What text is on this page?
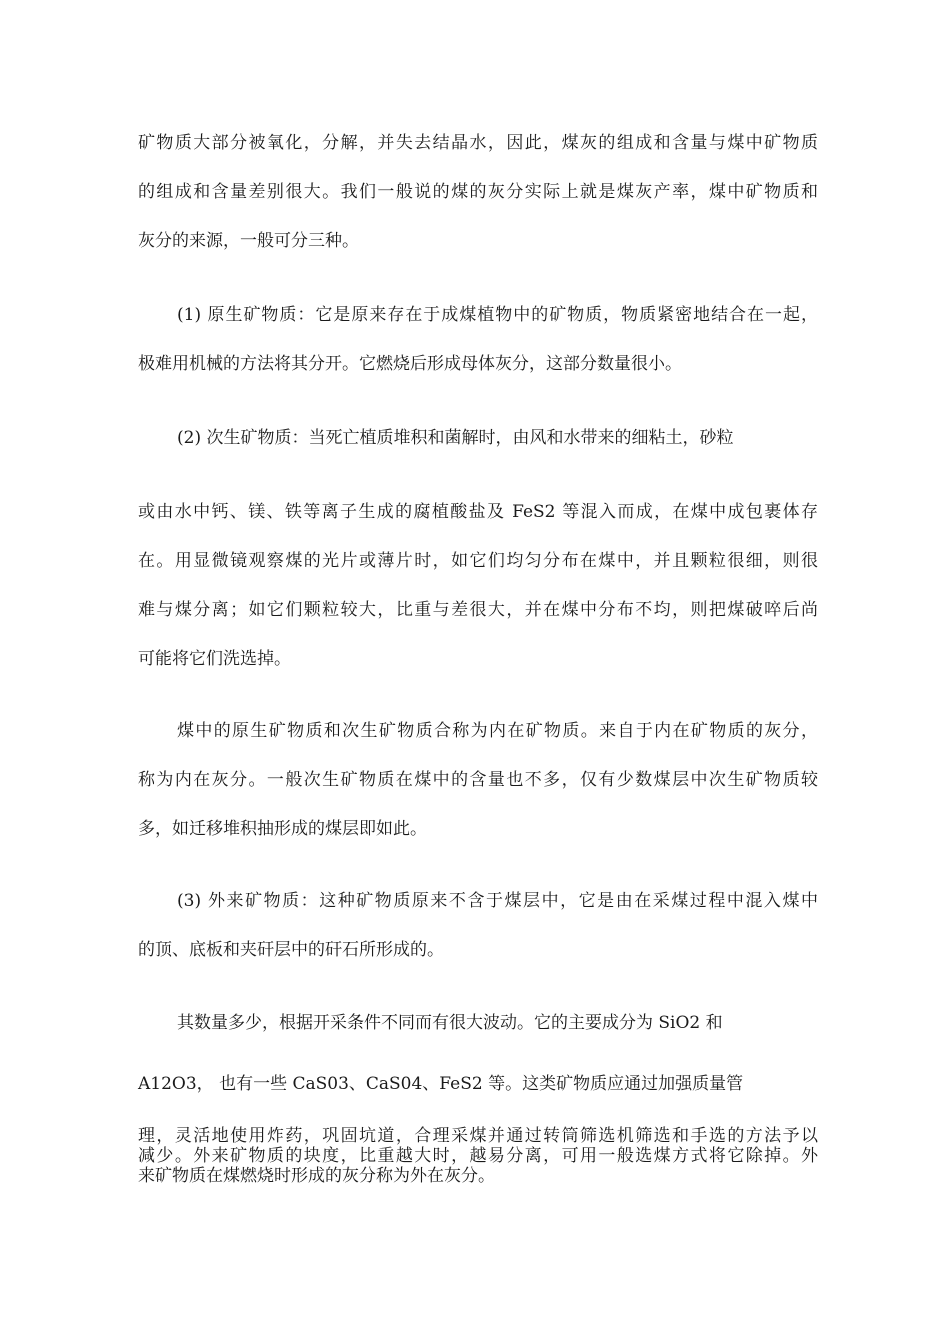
矿物质大部分被氧化，分解，并失去结晶水，因此，煤灰的组成和含量与煤中矿物质
的组成和含量差别很大。我们一般说的煤的灰分实际上就是煤灰产率，煤中矿物质和
灰分的来源，一般可分三种。
(1) 原生矿物质：它是原来存在于成煤植物中的矿物质，物质紧密地结合在一起，
极难用机械的方法将其分开。它燃烧后形成母体灰分，这部分数量很小。
(2) 次生矿物质：当死亡植质堆积和菌解时，由风和水带来的细粘土，砂粒
或由水中钙、镁、铁等离子生成的腐植酸盐及 FeS2 等混入而成，在煤中成包裹体存
在。用显微镜观察煤的光片或薄片时，如它们均匀分布在煤中，并且颗粒很细，则很
难与煤分离；如它们颗粒较大，比重与差很大，并在煤中分布不均，则把煤破啐后尚
可能将它们洗选掉。
煤中的原生矿物质和次生矿物质合称为内在矿物质。来自于内在矿物质的灰分，
称为内在灰分。一般次生矿物质在煤中的含量也不多，仅有少数煤层中次生矿物质较
多，如迁移堆积抽形成的煤层即如此。
(3) 外来矿物质：这种矿物质原来不含于煤层中，它是由在采煤过程中混入煤中
的顶、底板和夹矸层中的矸石所形成的。
其数量多少，根据开采条件不同而有很大波动。它的主要成分为 SiO2 和
A12O3， 也有一些 CaS03、CaS04、FeS2 等。这类矿物质应通过加强质量管
理，灵活地使用炸药，巩固坑道，合理采煤并通过转筒筛选机筛选和手选的方法予以
减少。外来矿物质的块度，比重越大时，越易分离，可用一般选煤方式将它除掉。外
来矿物质在煤燃烧时形成的灰分称为外在灰分。
